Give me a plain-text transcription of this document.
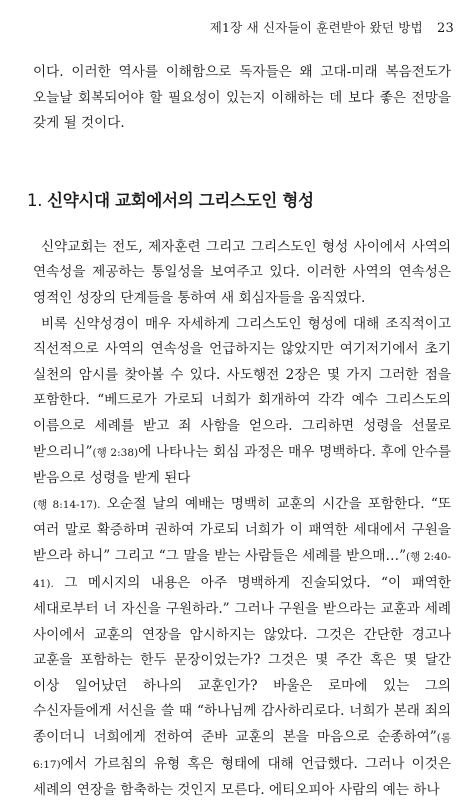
제1장 새 신자들이 훈련받아 왔던 방법 23

이다. 이러한 역사를 이해함으로 독자들은 왜 고대-미래 복음전도가 오늘날 회복되어야 할 필요성이 있는지 이해하는 데 보다 좋은 전망을 갖게 될 것이다.

1. 신약시대 교회에서의 그리스도인 형성

신약교회는 전도, 제자훈련 그리고 그리스도인 형성 사이에서 사역의 연속성을 제공하는 통일성을 보여주고 있다. 이러한 사역의 연속성은 영적인 성장의 단계들을 통하여 새 회심자들을 움직였다.

비록 신약성경이 매우 자세하게 그리스도인 형성에 대해 조직적이고 직선적으로 사역의 연속성을 언급하지는 않았지만 여기저기에서 초기 실천의 암시를 찾아볼 수 있다. 사도행전 2장은 몇 가지 그러한 점을 포함한다. “베드로가 가로되 너희가 회개하여 각각 예수 그리스도의 이름으로 세례를 받고 죄 사함을 얻으라. 그리하면 성령을 선물로 받으리니”(행 2:38)에 나타나는 회심 과정은 매우 명백하다. 후에 안수를 받음으로 성령을 받게 된다
(행 8:14-17). 오순절 날의 예배는 명백히 교훈의 시간을 포함한다. “또 여러 말로 확증하며 권하여 가로되 너희가 이 패역한 세대에서 구원을 받으라 하니” 그리고 “그 말을 받는 사람들은 세례를 받으매…”(행 2:40-41). 그 메시지의 내용은 아주 명백하게 진술되었다. “이 패역한 세대로부터 너 자신을 구원하라.” 그러나 구원을 받으라는 교훈과 세례 사이에서 교훈의 연장을 암시하지는 않았다. 그것은 간단한 경고나 교훈을 포함하는 한두 문장이었는가? 그것은 몇 주간 혹은 몇 달간 이상 일어났던 하나의 교훈인가? 바울은 로마에 있는 그의 수신자들에게 서신을 쓸 때 “하나님께 감사하리로다. 너희가 본래 죄의 종이더니 너희에게 전하여 준바 교훈의 본을 마음으로 순종하여”(롬 6:17)에서 가르침의 유형 혹은 형태에 대해 언급했다. 그러나 이것은 세례의 연장을 함축하는 것인지 모른다. 에티오피아 사람의 예는 하나
